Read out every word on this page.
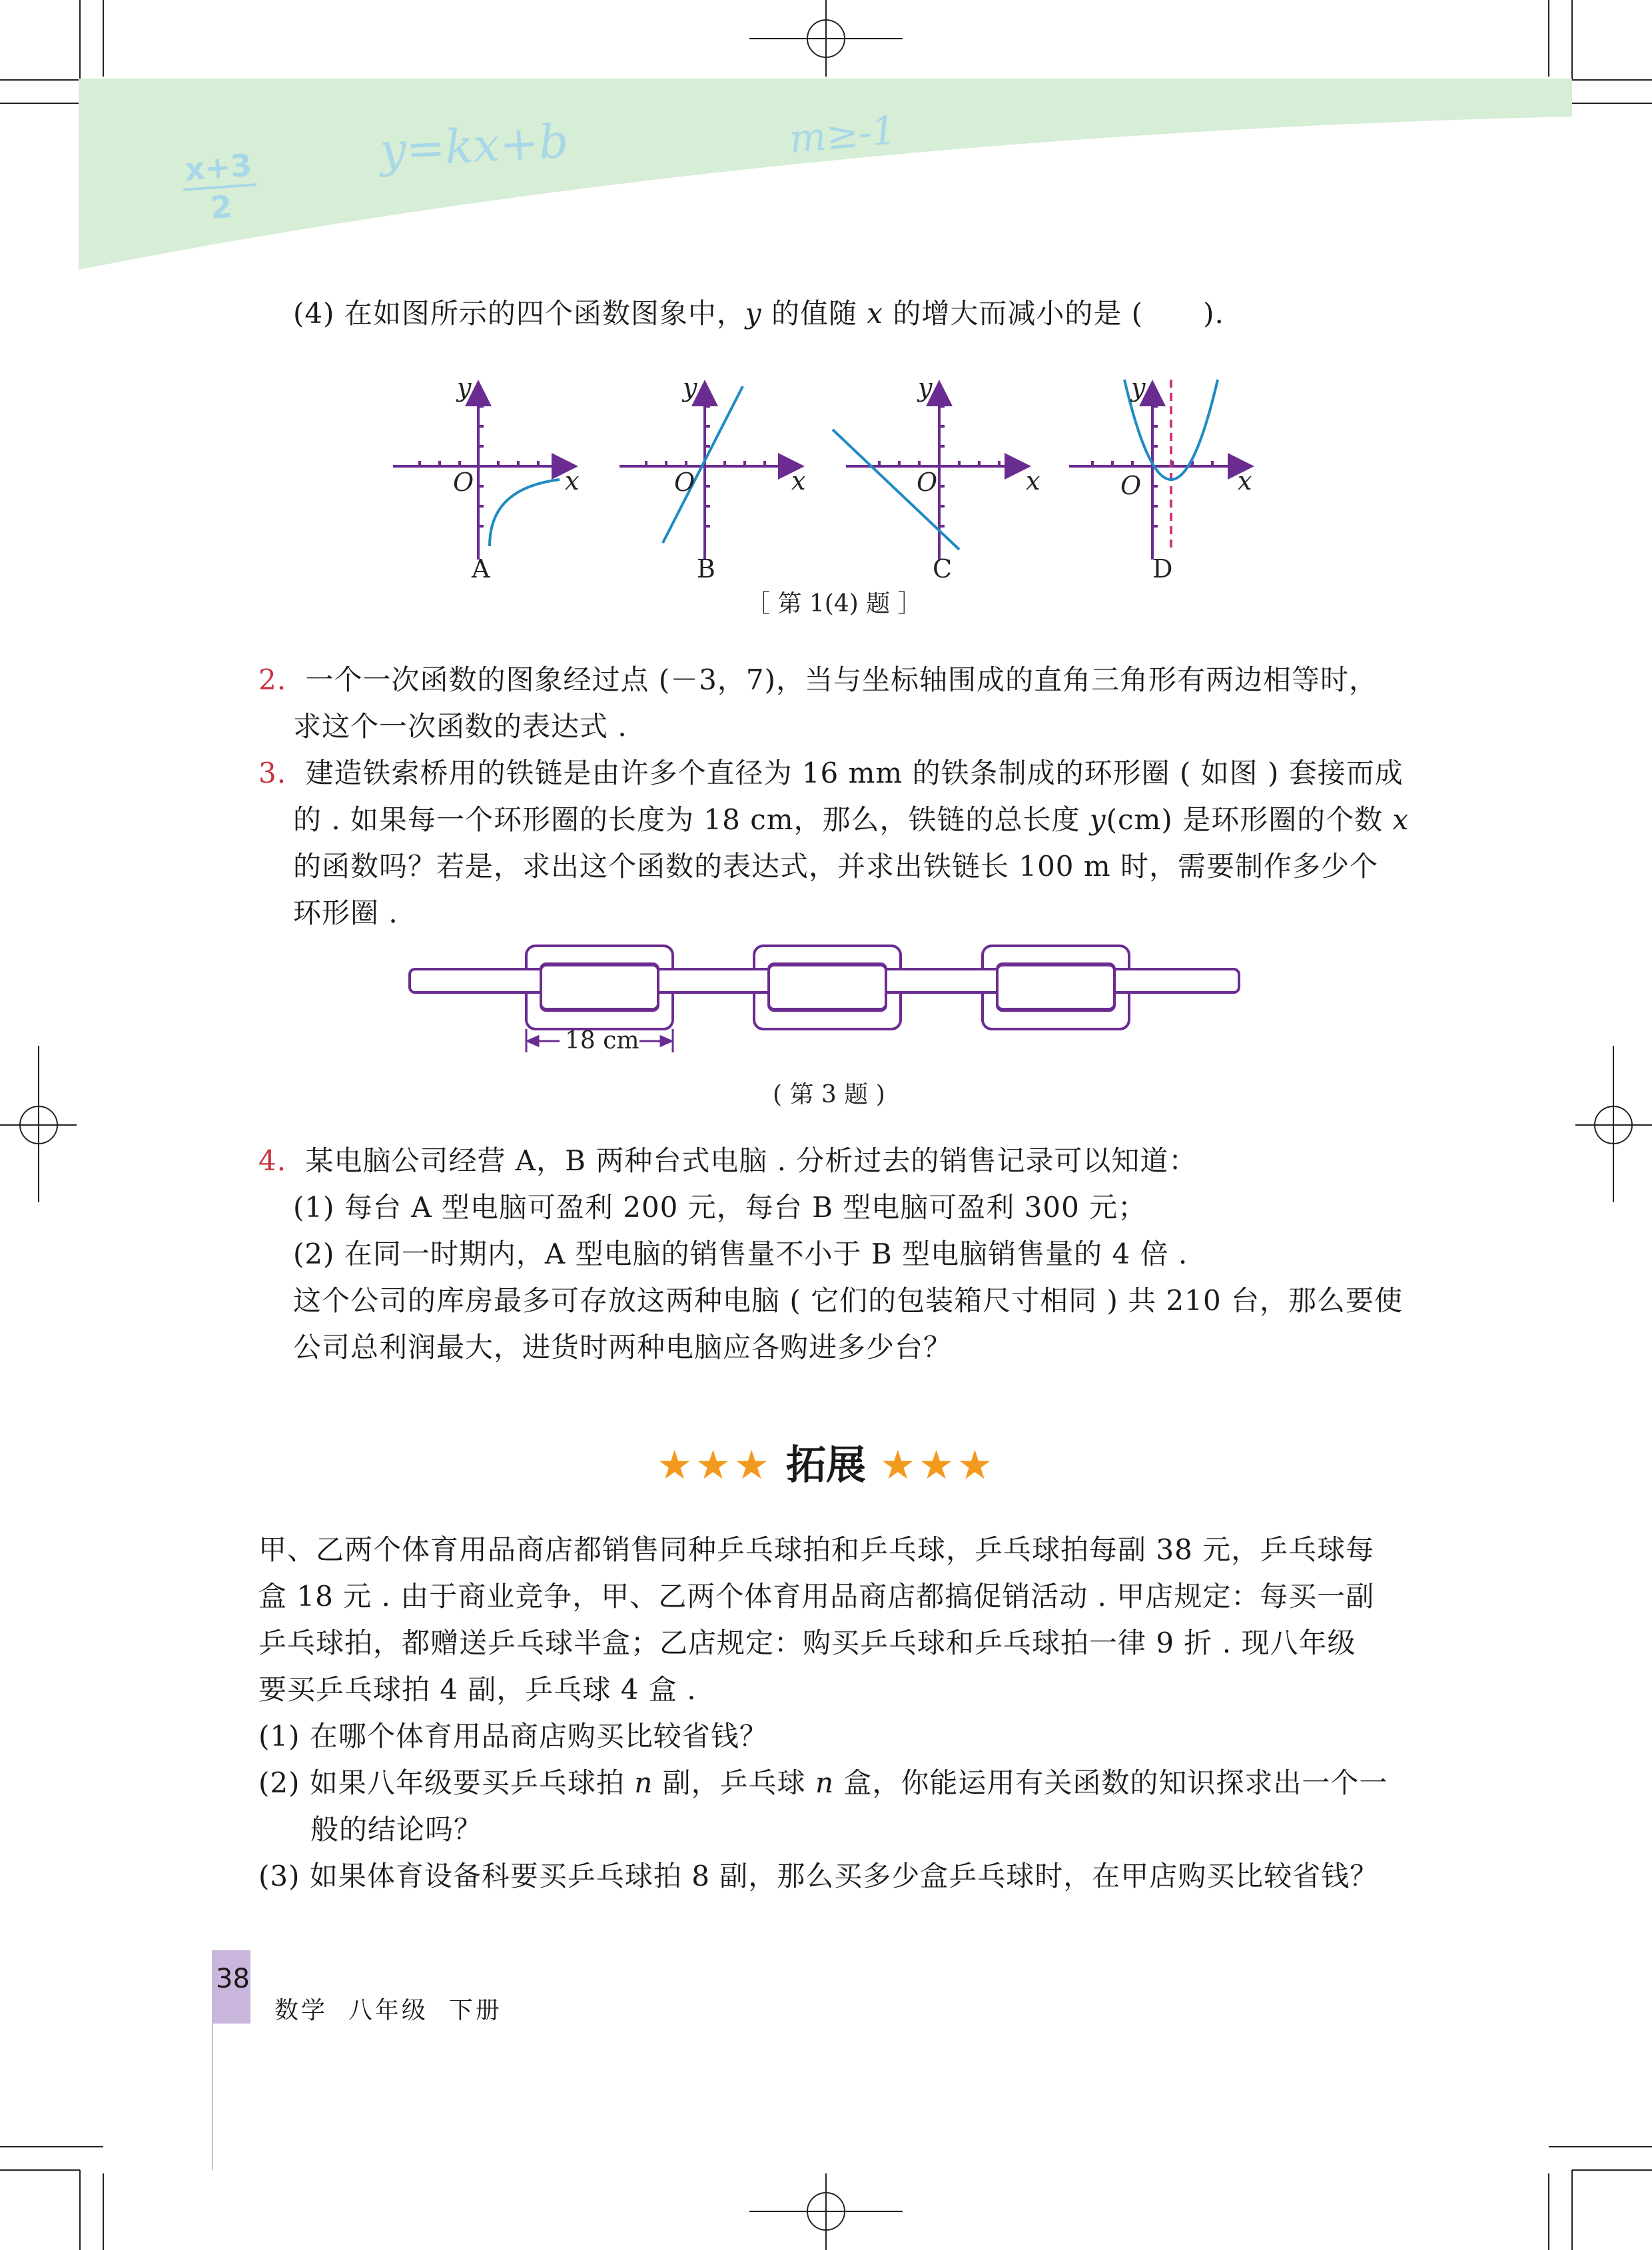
x+3
2
y=kx+b	m≥-1
(4) 在如图所示的四个函数图象中，y 的值随 x 的增大而减小的是 ( ).
y
x
O
y
x
O
y
x
O
y
x
O
A	B	C	D
［ 第 1(4) 题 ］
2. 一个一次函数的图象经过点 (－3，7)，当与坐标轴围成的直角三角形有两边相等时，
求这个一次函数的表达式 .
3. 建造铁索桥用的铁链是由许多个直径为 16 mm 的铁条制成的环形圈 ( 如图 ) 套接而成
的 . 如果每一个环形圈的长度为 18 cm，那么，铁链的总长度 y(cm) 是环形圈的个数 x
的函数吗？若是，求出这个函数的表达式，并求出铁链长 100 m 时，需要制作多少个
环形圈 .
18 cm
( 第 3 题 )
4. 某电脑公司经营 A，B 两种台式电脑 . 分析过去的销售记录可以知道：
(1) 每台 A 型电脑可盈利 200 元，每台 B 型电脑可盈利 300 元；
(2) 在同一时期内，A 型电脑的销售量不小于 B 型电脑销售量的 4 倍 .
这个公司的库房最多可存放这两种电脑 ( 它们的包装箱尺寸相同 ) 共 210 台，那么要使
公司总利润最大，进货时两种电脑应各购进多少台？
★★★ 拓展 ★★★
甲、乙两个体育用品商店都销售同种乒乓球拍和乒乓球，乒乓球拍每副 38 元，乒乓球每
盒 18 元 . 由于商业竞争，甲、乙两个体育用品商店都搞促销活动 . 甲店规定：每买一副
乒乓球拍，都赠送乒乓球半盒；乙店规定：购买乒乓球和乒乓球拍一律 9 折 . 现八年级
要买乒乓球拍 4 副，乒乓球 4 盒 .
(1) 在哪个体育用品商店购买比较省钱？
(2) 如果八年级要买乒乓球拍 n 副，乒乓球 n 盒，你能运用有关函数的知识探求出一个一
般的结论吗？
(3) 如果体育设备科要买乒乓球拍 8 副，那么买多少盒乒乓球时，在甲店购买比较省钱？
38
数学  八年级  下册
